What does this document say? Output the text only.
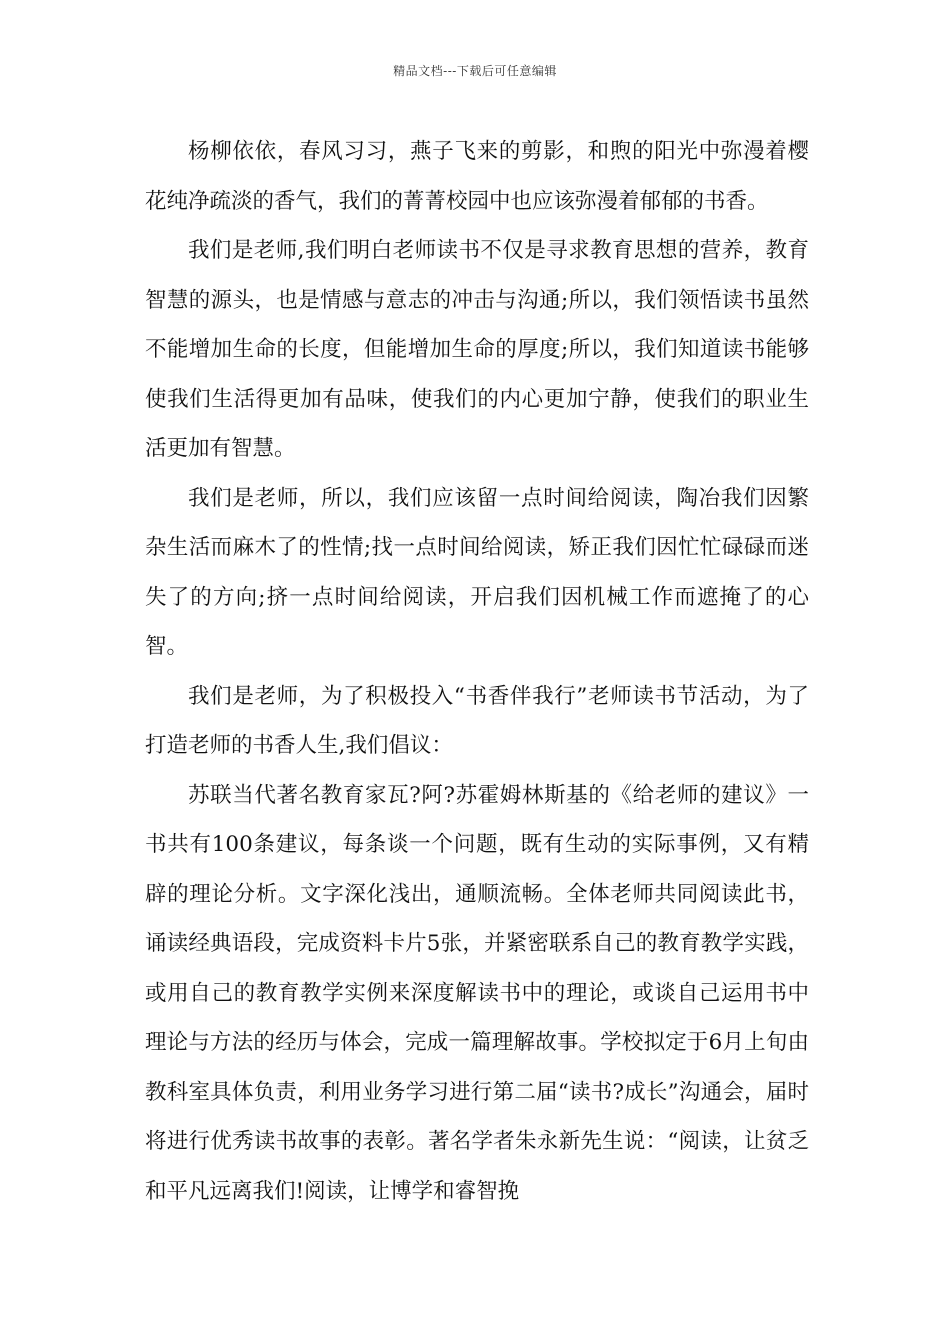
精品文档---下载后可任意编辑

杨柳依依，春风习习，燕子飞来的剪影，和煦的阳光中弥漫着樱花纯净疏淡的香气，我们的菁菁校园中也应该弥漫着郁郁的书香。

我们是老师,我们明白老师读书不仅是寻求教育思想的营养，教育智慧的源头，也是情感与意志的冲击与沟通;所以，我们领悟读书虽然不能增加生命的长度，但能增加生命的厚度;所以，我们知道读书能够使我们生活得更加有品味，使我们的内心更加宁静，使我们的职业生活更加有智慧。

我们是老师，所以，我们应该留一点时间给阅读，陶冶我们因繁杂生活而麻木了的性情;找一点时间给阅读，矫正我们因忙忙碌碌而迷失了的方向;挤一点时间给阅读，开启我们因机械工作而遮掩了的心智。

我们是老师，为了积极投入“书香伴我行”老师读书节活动，为了打造老师的书香人生,我们倡议：

苏联当代著名教育家瓦?阿?苏霍姆林斯基的《给老师的建议》一书共有100条建议，每条谈一个问题，既有生动的实际事例，又有精辟的理论分析。文字深化浅出，通顺流畅。全体老师共同阅读此书，诵读经典语段，完成资料卡片5张，并紧密联系自己的教育教学实践，或用自己的教育教学实例来深度解读书中的理论，或谈自己运用书中理论与方法的经历与体会，完成一篇理解故事。学校拟定于6月上旬由教科室具体负责，利用业务学习进行第二届“读书?成长”沟通会，届时将进行优秀读书故事的表彰。著名学者朱永新先生说：“阅读，让贫乏和平凡远离我们!阅读，让博学和睿智挽
